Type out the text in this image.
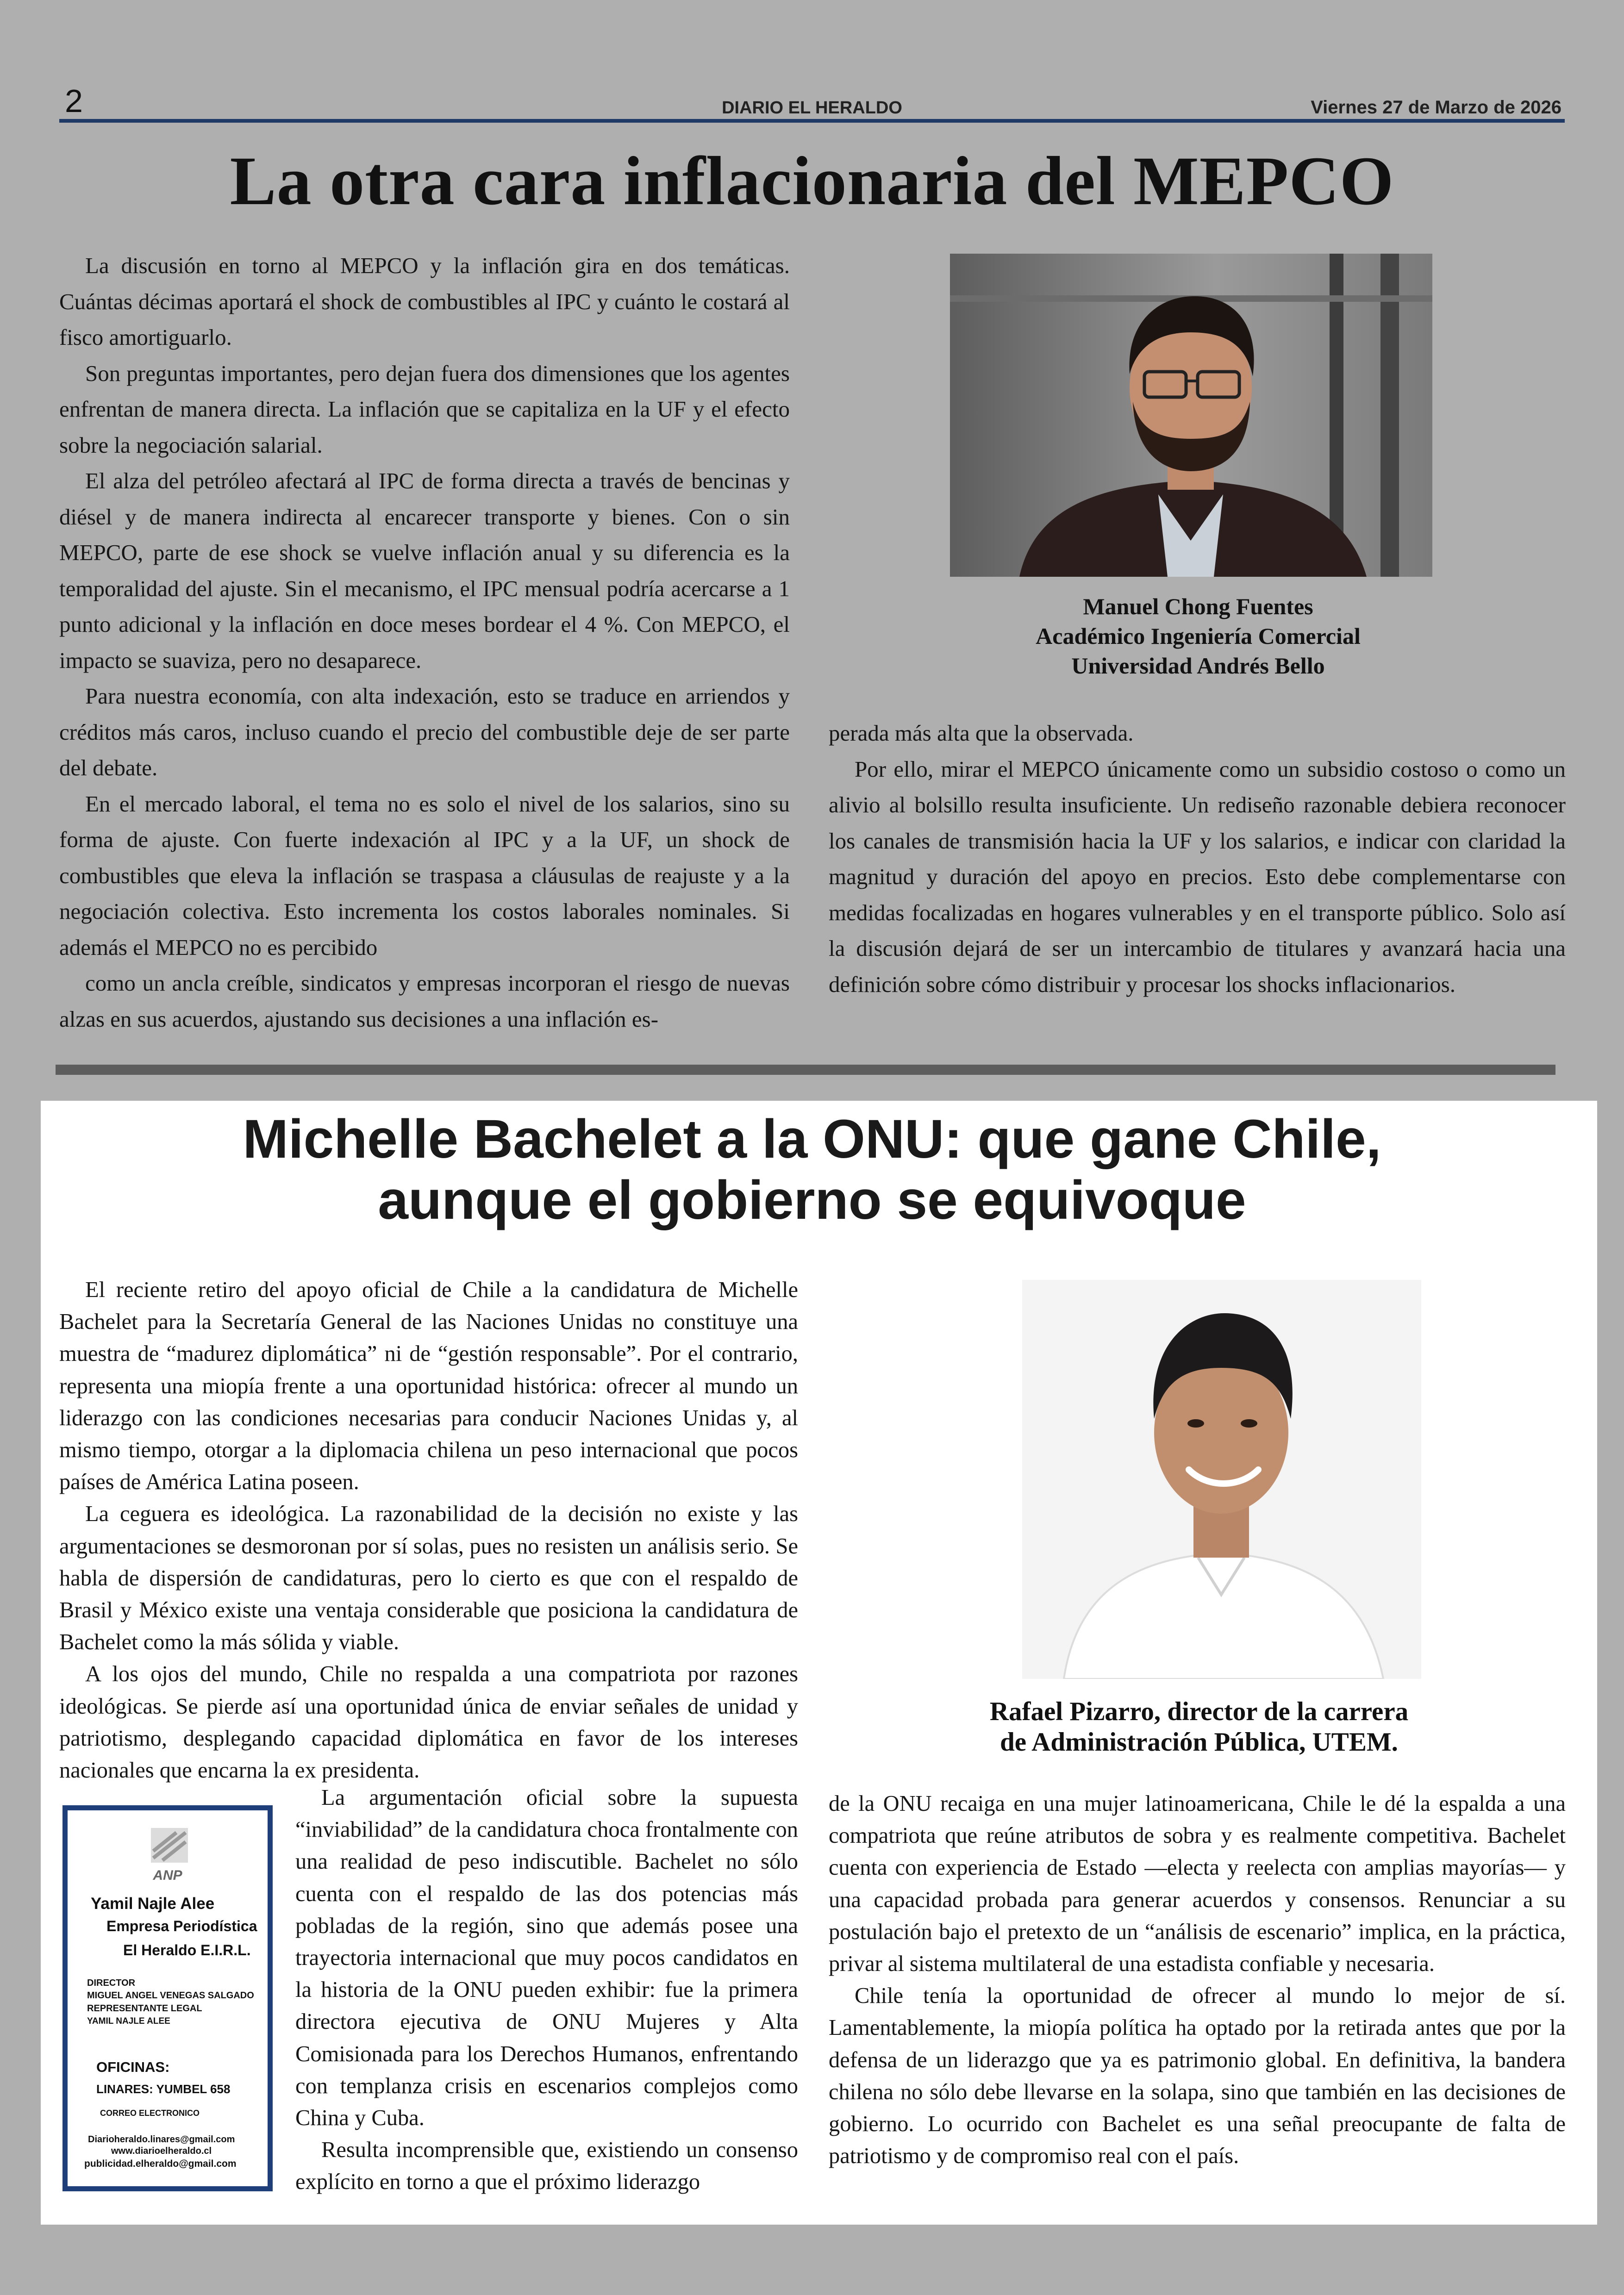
2	DIARIO EL HERALDO	Viernes 27 de Marzo de 2026
La otra cara inflacionaria del MEPCO

La discusión en torno al MEPCO y la inflación gira en dos temáticas. Cuántas décimas aportará el shock de combustibles al IPC y cuánto le costará al fisco amortiguarlo.

Son preguntas importantes, pero dejan fuera dos dimensiones que los agentes enfrentan de manera directa. La inflación que se capitaliza en la UF y el efecto sobre la negociación salarial.

El alza del petróleo afectará al IPC de forma directa a través de bencinas y diésel y de manera indirecta al encarecer transporte y bienes. Con o sin MEPCO, parte de ese shock se vuelve inflación anual y su diferencia es la temporalidad del ajuste. Sin el mecanismo, el IPC mensual podría acercarse a 1 punto adicional y la inflación en doce meses bordear el 4 %. Con MEPCO, el impacto se suaviza, pero no desaparece.

Para nuestra economía, con alta indexación, esto se traduce en arriendos y créditos más caros, incluso cuando el precio del combustible deje de ser parte del debate.

En el mercado laboral, el tema no es solo el nivel de los salarios, sino su forma de ajuste. Con fuerte indexación al IPC y a la UF, un shock de combustibles que eleva la inflación se traspasa a cláusulas de reajuste y a la negociación colectiva. Esto incrementa los costos laborales nominales. Si además el MEPCO no es percibido

como un ancla creíble, sindicatos y empresas incorporan el riesgo de nuevas alzas en sus acuerdos, ajustando sus decisiones a una inflación es-

Manuel Chong Fuentes
Académico Ingeniería Comercial
Universidad Andrés Bello

perada más alta que la observada.

Por ello, mirar el MEPCO únicamente como un subsidio costoso o como un alivio al bolsillo resulta insuficiente. Un rediseño razonable debiera reconocer los canales de transmisión hacia la UF y los salarios, e indicar con claridad la magnitud y duración del apoyo en precios. Esto debe complementarse con medidas focalizadas en hogares vulnerables y en el transporte público. Solo así la discusión dejará de ser un intercambio de titulares y avanzará hacia una definición sobre cómo distribuir y procesar los shocks inflacionarios.

Michelle Bachelet a la ONU: que gane Chile,
aunque el gobierno se equivoque

El reciente retiro del apoyo oficial de Chile a la candidatura de Michelle Bachelet para la Secretaría General de las Naciones Unidas no constituye una muestra de “madurez diplomática” ni de “gestión responsable”. Por el contrario, representa una miopía frente a una oportunidad histórica: ofrecer al mundo un liderazgo con las condiciones necesarias para conducir Naciones Unidas y, al mismo tiempo, otorgar a la diplomacia chilena un peso internacional que pocos países de América Latina poseen.

La ceguera es ideológica. La razonabilidad de la decisión no existe y las argumentaciones se desmoronan por sí solas, pues no resisten un análisis serio. Se habla de dispersión de candidaturas, pero lo cierto es que con el respaldo de Brasil y México existe una ventaja considerable que posiciona la candidatura de Bachelet como la más sólida y viable.

A los ojos del mundo, Chile no respalda a una compatriota por razones ideológicas. Se pierde así una oportunidad única de enviar señales de unidad y patriotismo, desplegando capacidad diplomática en favor de los intereses nacionales que encarna la ex presidenta.

La argumentación oficial sobre la supuesta “inviabilidad” de la candidatura choca frontalmente con una realidad de peso indiscutible. Bachelet no sólo cuenta con el respaldo de las dos potencias más pobladas de la región, sino que además posee una trayectoria internacional que muy pocos candidatos en la historia de la ONU pueden exhibir: fue la primera directora ejecutiva de ONU Mujeres y Alta Comisionada para los Derechos Humanos, enfrentando con templanza crisis en escenarios complejos como China y Cuba.

Resulta incomprensible que, existiendo un consenso explícito en torno a que el próximo liderazgo

de la ONU recaiga en una mujer latinoamericana, Chile le dé la espalda a una compatriota que reúne atributos de sobra y es realmente competitiva. Bachelet cuenta con experiencia de Estado —electa y reelecta con amplias mayorías— y una capacidad probada para generar acuerdos y consensos. Renunciar a su postulación bajo el pretexto de un “análisis de escenario” implica, en la práctica, privar al sistema multilateral de una estadista confiable y necesaria.

Chile tenía la oportunidad de ofrecer al mundo lo mejor de sí. Lamentablemente, la miopía política ha optado por la retirada antes que por la defensa de un liderazgo que ya es patrimonio global. En definitiva, la bandera chilena no sólo debe llevarse en la solapa, sino que también en las decisiones de gobierno. Lo ocurrido con Bachelet es una señal preocupante de falta de patriotismo y de compromiso real con el país.

Rafael Pizarro, director de la carrera
de Administración Pública, UTEM.
ANP
Yamil Najle Alee
Empresa Periodística
El Heraldo E.I.R.L.
DIRECTOR
MIGUEL ANGEL VENEGAS SALGADO
REPRESENTANTE LEGAL
YAMIL NAJLE ALEE
OFICINAS:
LINARES: YUMBEL 658
CORREO ELECTRONICO
Diarioheraldo.linares@gmail.com
www.diarioelheraldo.cl
publicidad.elheraldo@gmail.com
